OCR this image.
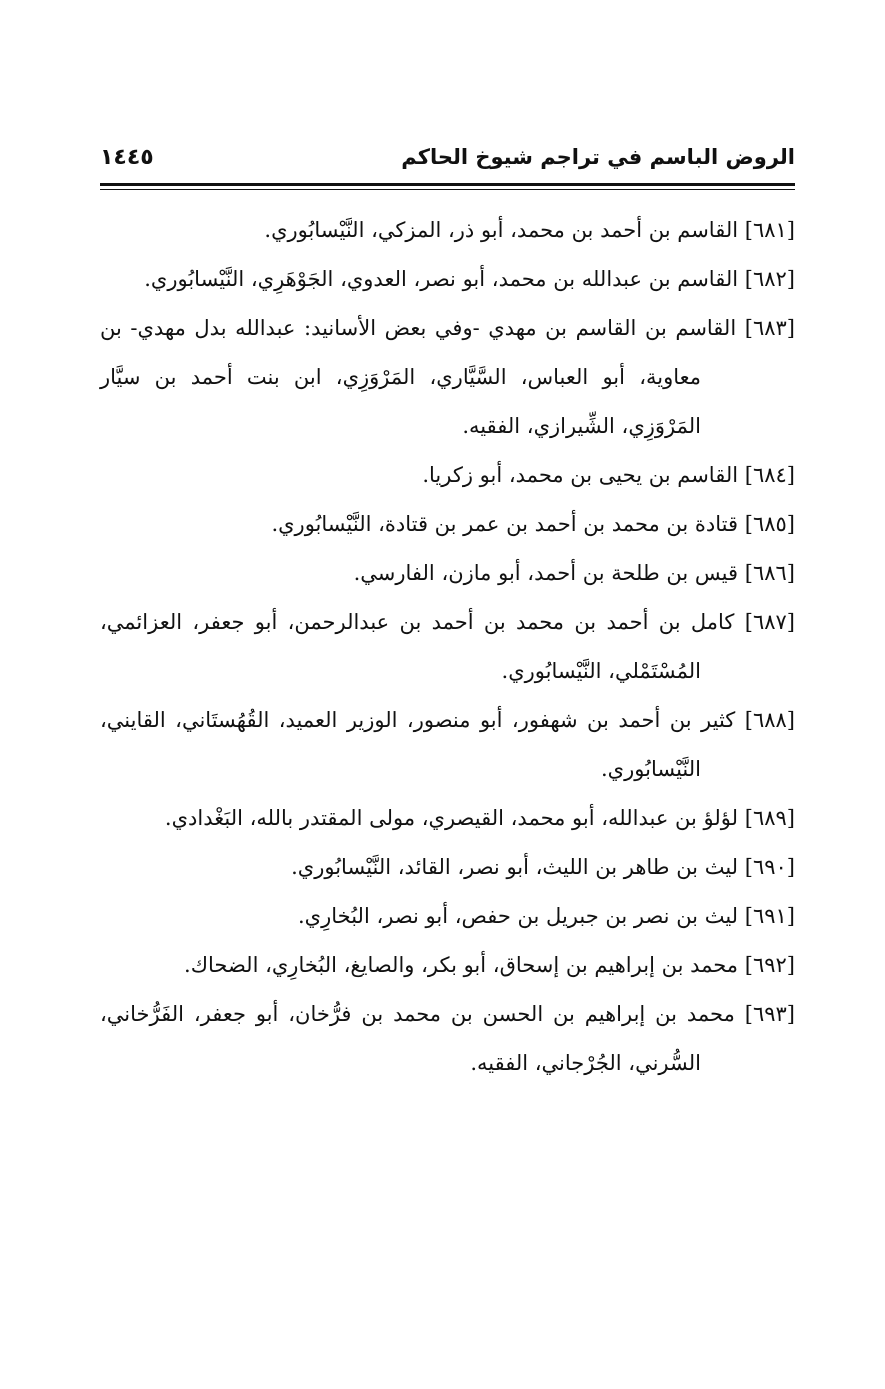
الروض الباسم في تراجم شيوخ الحاكم
١٤٤٥

[٦٨١] القاسم بن أحمد بن محمد، أبو ذر، المزكي، النَّيْسابُوري.

[٦٨٢] القاسم بن عبدالله بن محمد، أبو نصر، العدوي، الجَوْهَرِي، النَّيْسابُوري.

[٦٨٣] القاسم بن القاسم بن مهدي -وفي بعض الأسانيد: عبدالله بدل مهدي- بن معاوية، أبو العباس، السَّيَّاري، المَرْوَزِي، ابن بنت أحمد بن سيَّار المَرْوَزِي، الشِّيرازي، الفقيه.

[٦٨٤] القاسم بن يحيى بن محمد، أبو زكريا.

[٦٨٥] قتادة بن محمد بن أحمد بن عمر بن قتادة، النَّيْسابُوري.

[٦٨٦] قيس بن طلحة بن أحمد، أبو مازن، الفارسي.

[٦٨٧] كامل بن أحمد بن محمد بن أحمد بن عبدالرحمن، أبو جعفر، العزائمي، المُسْتَمْلي، النَّيْسابُوري.

[٦٨٨] كثير بن أحمد بن شهفور، أبو منصور، الوزير العميد، القُهُستَاني، القايني، النَّيْسابُوري.

[٦٨٩] لؤلؤ بن عبدالله، أبو محمد، القيصري، مولى المقتدر بالله، البَغْدادي.

[٦٩٠] ليث بن طاهر بن الليث، أبو نصر، القائد، النَّيْسابُوري.

[٦٩١] ليث بن نصر بن جبريل بن حفص، أبو نصر، البُخارِي.

[٦٩٢] محمد بن إبراهيم بن إسحاق، أبو بكر، والصايغ، البُخارِي، الضحاك.

[٦٩٣] محمد بن إبراهيم بن الحسن بن محمد بن فرُّخان، أبو جعفر، الفَرُّخاني، السُّرني، الجُرْجاني، الفقيه.
